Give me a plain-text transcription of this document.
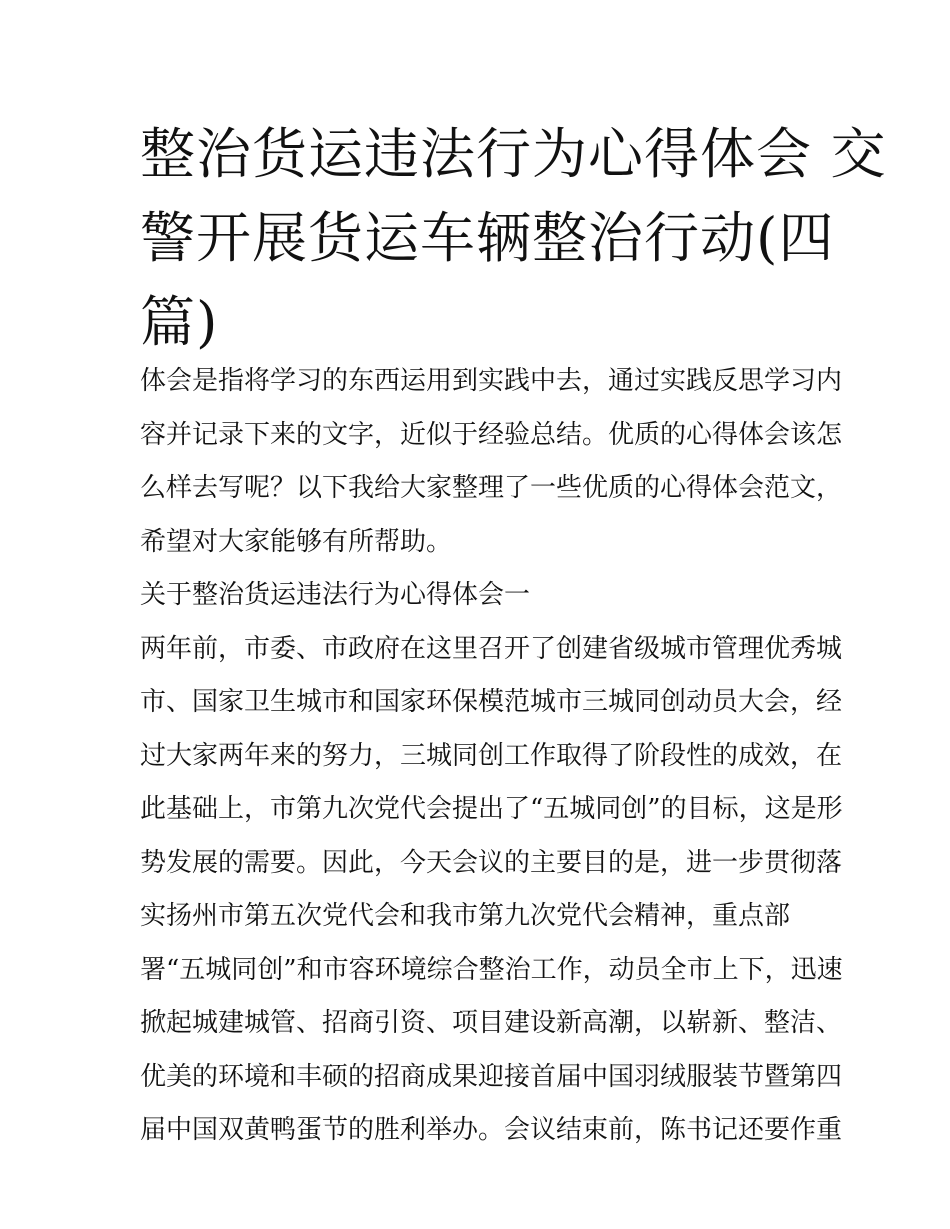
整治货运违法行为心得体会 交
警开展货运车辆整治行动(四
篇)
体会是指将学习的东西运用到实践中去，通过实践反思学习内
容并记录下来的文字，近似于经验总结。优质的心得体会该怎
么样去写呢？以下我给大家整理了一些优质的心得体会范文，
希望对大家能够有所帮助。
关于整治货运违法行为心得体会一
两年前，市委、市政府在这里召开了创建省级城市管理优秀城
市、国家卫生城市和国家环保模范城市三城同创动员大会，经
过大家两年来的努力，三城同创工作取得了阶段性的成效，在
此基础上，市第九次党代会提出了“五城同创”的目标，这是形
势发展的需要。因此，今天会议的主要目的是，进一步贯彻落
实扬州市第五次党代会和我市第九次党代会精神，重点部
署“五城同创”和市容环境综合整治工作，动员全市上下，迅速
掀起城建城管、招商引资、项目建设新高潮，以崭新、整洁、
优美的环境和丰硕的招商成果迎接首届中国羽绒服装节暨第四
届中国双黄鸭蛋节的胜利举办。会议结束前，陈书记还要作重
